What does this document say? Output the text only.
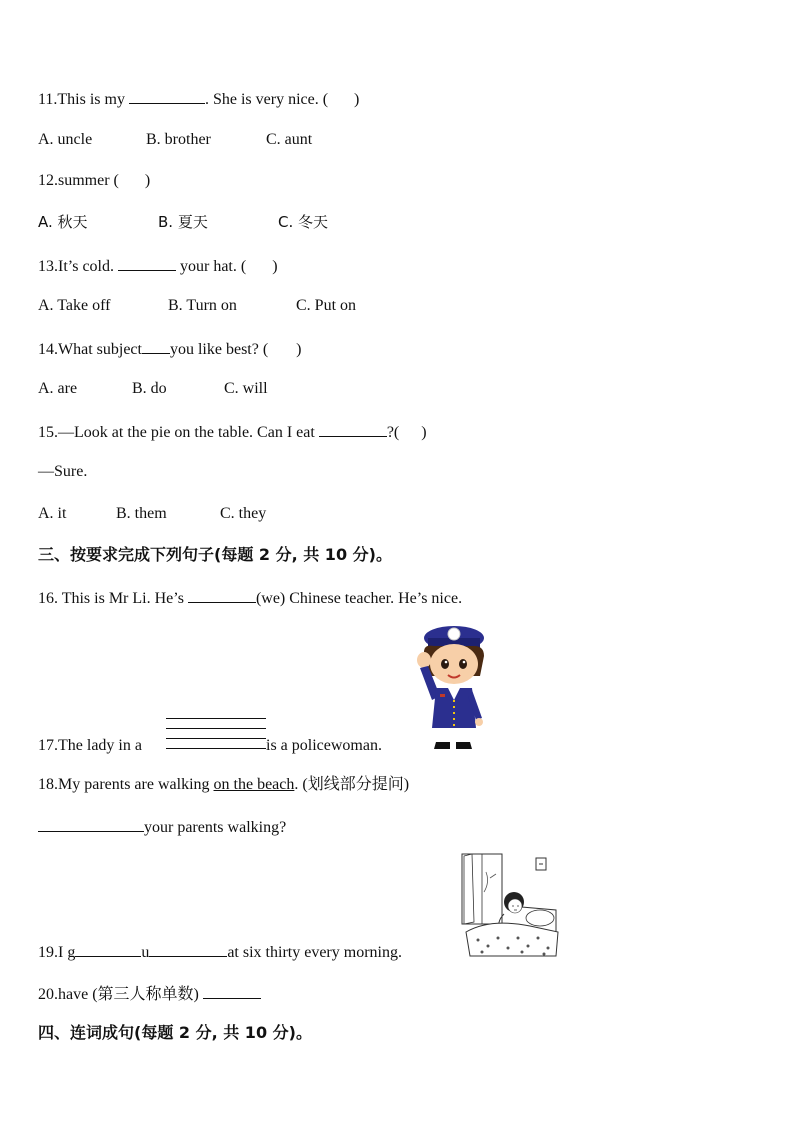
11.This is my	. She is very nice. ( )
A. uncle	B. brother	C. aunt
12.summer ( )
A. 秋天	B. 夏天	C. 冬天
13.It’s cold.	your hat. ( )
A. Take off	B. Turn on	C. Put on
14.What subject you like best? ( )
A. are	B. do	C. will
15.—Look at the pie on the table. Can I eat	?( )
—Sure.
A. it	B. them	C. they
三、按要求完成下列句子(每题 2 分, 共 10 分)。
16. This is Mr Li. He’s	(we) Chinese teacher. He’s nice.
17.The lady in a	is a policewoman.
18.My parents are walking on the beach. (划线部分提问)
your parents walking?
19.I g	u	at six thirty every morning.
20.have (第三人称单数)
四、连词成句(每题 2 分, 共 10 分)。
